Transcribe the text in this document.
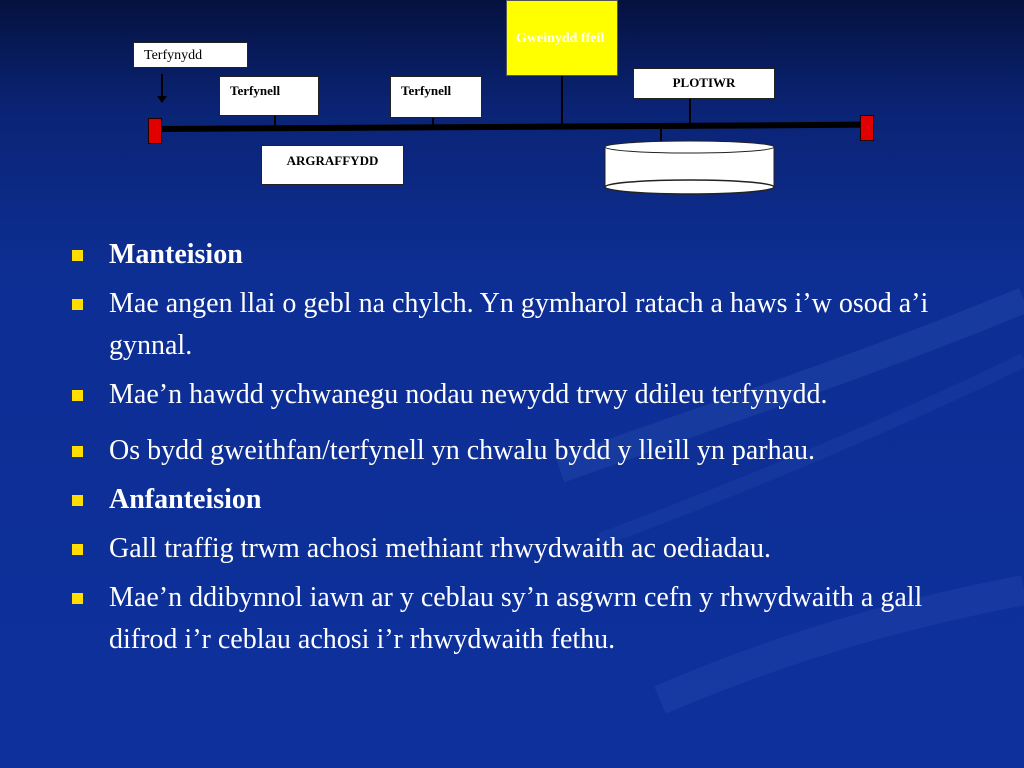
Terfynydd
Terfynell	Terfynell
Gweinydd ffeil
PLOTIWR
ARGRAFFYDD
Manteision
Mae angen llai o gebl na chylch. Yn gymharol ratach a haws i’w osod a’i gynnal.
Mae’n hawdd ychwanegu nodau newydd trwy ddileu terfynydd.
Os bydd gweithfan/terfynell yn chwalu bydd y lleill yn parhau.
Anfanteision
Gall traffig trwm achosi methiant rhwydwaith ac oediadau.
Mae’n ddibynnol iawn ar y ceblau sy’n asgwrn cefn y rhwydwaith a gall difrod i’r ceblau achosi i’r rhwydwaith fethu.
